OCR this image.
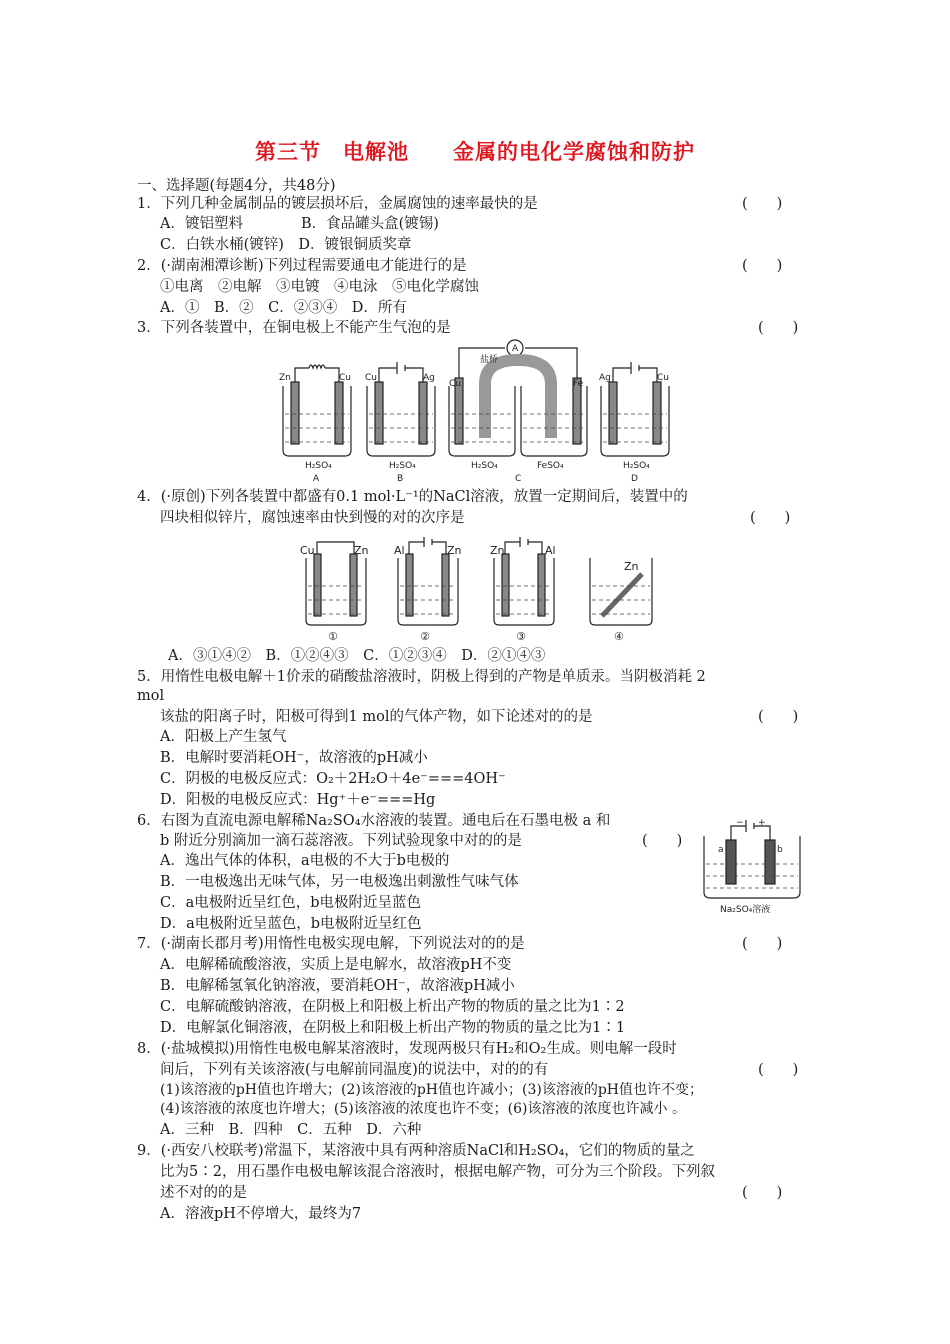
第三节　电解池　　金属的电化学腐蚀和防护
一、选择题(每题4分，共48分)
1．下列几种金属制品的镀层损坏后，金属腐蚀的速率最快的是	(　　)
A．镀铝塑料　　　　B．食品罐头盒(镀锡)
C．白铁水桶(镀锌)　D．镀银铜质奖章
2．(·湖南湘潭诊断)下列过程需要通电才能进行的是	(　　)
①电离　②电解　③电镀　④电泳　⑤电化学腐蚀
A．①　B．②　C．②③④　D．所有
3．下列各装置中，在铜电极上不能产生气泡的是	(　　)
Zn	Cu
H₂SO₄
A
Cu	Ag
H₂SO₄
B
Cu	Fe
盐桥
A
H₂SO₄	FeSO₄
C
Ag	Cu
H₂SO₄
D
4．(·原创)下列各装置中都盛有0.1 mol·L⁻¹的NaCl溶液，放置一定期间后，装置中的
四块相似锌片，腐蚀速率由快到慢的对的次序是	(　　)
Cu	Zn
①
Al	Zn
②
Zn	Al
③
Zn
④
A．③①④②　B．①②④③　C．①②③④　D．②①④③
5．用惰性电极电解＋1价汞的硝酸盐溶液时，阴极上得到的产物是单质汞。当阴极消耗 2
mol
该盐的阳离子时，阳极可得到1 mol的气体产物，如下论述对的的是	(　　)
A．阳极上产生氢气
B．电解时要消耗OH⁻，故溶液的pH减小
C．阴极的电极反应式：O₂＋2H₂O＋4e⁻===4OH⁻
D．阳极的电极反应式：Hg⁺＋e⁻===Hg
6．右图为直流电源电解稀Na₂SO₄水溶液的装置。通电后在石墨电极 a 和
b 附近分别滴加一滴石蕊溶液。下列试验现象中对的的是	(　　)
A．逸出气体的体积，a电极的不大于b电极的
B．一电极逸出无味气体，另一电极逸出刺激性气味气体
C．a电极附近呈红色，b电极附近呈蓝色
D．a电极附近呈蓝色，b电极附近呈红色
− +
a	b
Na₂SO₄溶液
7．(·湖南长郡月考)用惰性电极实现电解，下列说法对的的是	(　　)
A．电解稀硫酸溶液，实质上是电解水，故溶液pH不变
B．电解稀氢氧化钠溶液，要消耗OH⁻，故溶液pH减小
C．电解硫酸钠溶液，在阴极上和阳极上析出产物的物质的量之比为1∶2
D．电解氯化铜溶液，在阴极上和阳极上析出产物的物质的量之比为1∶1
8．(·盐城模拟)用惰性电极电解某溶液时，发现两极只有H₂和O₂生成。则电解一段时
间后，下列有关该溶液(与电解前同温度)的说法中，对的的有	(　　)
(1)该溶液的pH值也许增大；(2)该溶液的pH值也许减小；(3)该溶液的pH值也许不变；
(4)该溶液的浓度也许增大；(5)该溶液的浓度也许不变；(6)该溶液的浓度也许减小 。
A．三种　B．四种　C．五种　D．六种
9．(·西安八校联考)常温下，某溶液中具有两种溶质NaCl和H₂SO₄，它们的物质的量之
比为5∶2，用石墨作电极电解该混合溶液时，根据电解产物，可分为三个阶段。下列叙
述不对的的是	(　　)
A．溶液pH不停增大，最终为7
